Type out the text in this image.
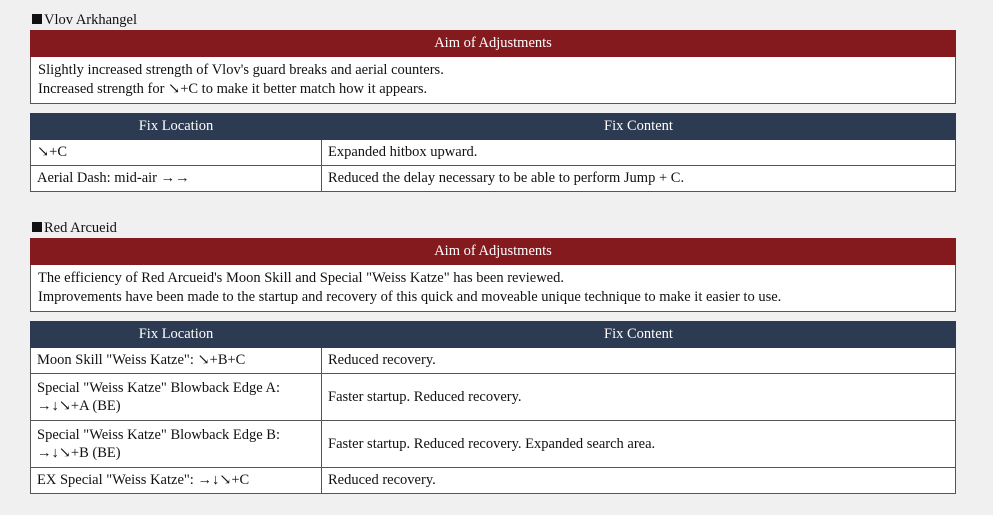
Vlov Arkhangel
Aim of Adjustments

Slightly increased strength of Vlov's guard breaks and aerial counters.
Increased strength for ↘+C to make it better match how it appears.
Fix Location	Fix Content
↘+C	Expanded hitbox upward.
Aerial Dash: mid-air →→	Reduced the delay necessary to be able to perform Jump + C.
Red Arcueid
Aim of Adjustments

The efficiency of Red Arcueid's Moon Skill and Special "Weiss Katze" has been reviewed.
Improvements have been made to the startup and recovery of this quick and moveable unique technique to make it easier to use.
Fix Location	Fix Content
Moon Skill "Weiss Katze": ↘+B+C	Reduced recovery.

Special "Weiss Katze" Blowback Edge A:
→↓↘+A (BE)	Faster startup. Reduced recovery.

Special "Weiss Katze" Blowback Edge B:
→↓↘+B (BE)	Faster startup. Reduced recovery. Expanded search area.
EX Special "Weiss Katze": →↓↘+C	Reduced recovery.
